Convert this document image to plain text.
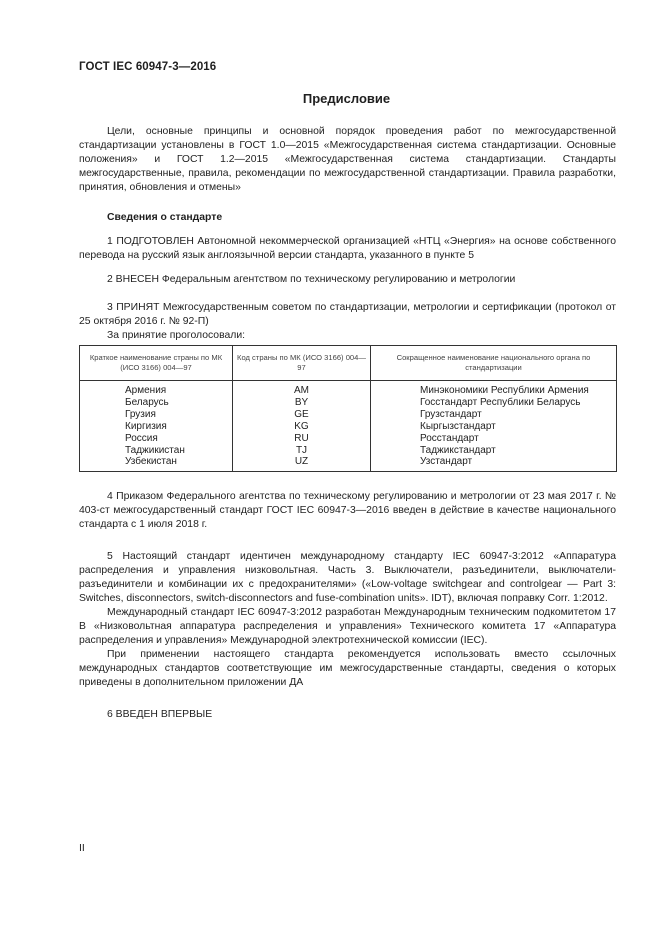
ГОСТ IEC 60947-3—2016
Предисловие

Цели, основные принципы и основной порядок проведения работ по межгосударственной стандартизации установлены в ГОСТ 1.0—2015 «Межгосударственная система стандартизации. Основные положения» и ГОСТ 1.2—2015 «Межгосударственная система стандартизации. Стандарты межгосударственные, правила, рекомендации по межгосударственной стандартизации. Правила разработки, принятия, обновления и отмены»

Сведения о стандарте

1 ПОДГОТОВЛЕН Автономной некоммерческой организацией «НТЦ «Энергия» на основе собственного перевода на русский язык англоязычной версии стандарта, указанного в пункте 5

2 ВНЕСЕН Федеральным агентством по техническому регулированию и метрологии

3 ПРИНЯТ Межгосударственным советом по стандартизации, метрологии и сертификации (протокол от 25 октября 2016 г. № 92-П)

За принятие проголосовали:

Краткое наименование страны по МК (ИСО 3166) 004—97	Код страны по МК (ИСО 3166) 004—97	Сокращенное наименование национального органа по стандартизации
Армения	AM	Минэкономики Республики Армения
Беларусь	BY	Госстандарт Республики Беларусь
Грузия	GE	Грузстандарт
Киргизия	KG	Кыргызстандарт
Россия	RU	Росстандарт
Таджикистан	TJ	Таджикстандарт
Узбекистан	UZ	Узстандарт

4 Приказом Федерального агентства по техническому регулированию и метрологии от 23 мая 2017 г. № 403-ст межгосударственный стандарт ГОСТ IEC 60947-3—2016 введен в действие в качестве национального стандарта с 1 июля 2018 г.

5 Настоящий стандарт идентичен международному стандарту IEC 60947-3:2012 «Аппаратура распределения и управления низковольтная. Часть 3. Выключатели, разъединители, выключатели-разъединители и комбинации их с предохранителями» («Low-voltage switchgear and controlgear — Part 3: Switches, disconnectors, switch-disconnectors and fuse-combination units». IDT), включая поправку Corr. 1:2012.

Международный стандарт IEC 60947-3:2012 разработан Международным техническим подкомитетом 17 В «Низковольтная аппаратура распределения и управления» Технического комитета 17 «Аппаратура распределения и управления» Международной электротехнической комиссии (IEC).

При применении настоящего стандарта рекомендуется использовать вместо ссылочных международных стандартов соответствующие им межгосударственные стандарты, сведения о которых приведены в дополнительном приложении ДА

6 ВВЕДЕН ВПЕРВЫЕ

II
